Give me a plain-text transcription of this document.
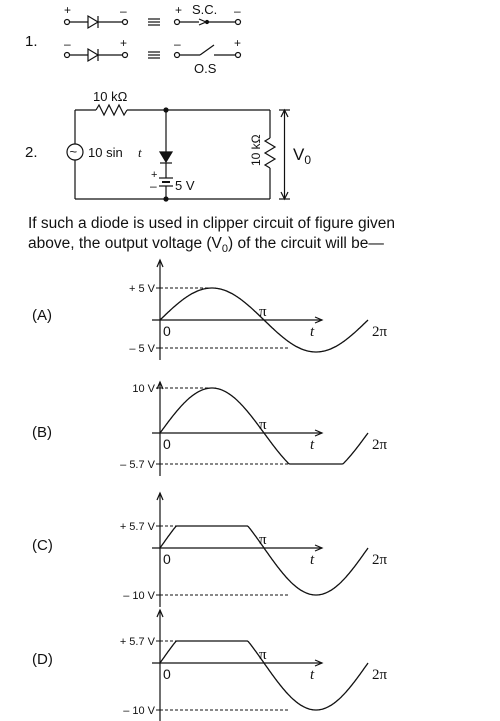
(A)
+ 5 V
– 5 V
0
π
2π
t
(B)
10 V
– 5.7 V
0
π
2π
t
(C)
+ 5.7 V
– 10 V
0
π
2π
t
(D)
+ 5.7 V
– 10 V
0
π
2π
t
1.
+	–	+ S.C. –
–	+	–	+
O.S
2.
10 kΩ
~ 10 sin t
+
– 5 V
10 kΩ $V_0$
If such a diode is used in clipper circuit of figure given
above, the output voltage $(V_0)$ of the circuit will be—
